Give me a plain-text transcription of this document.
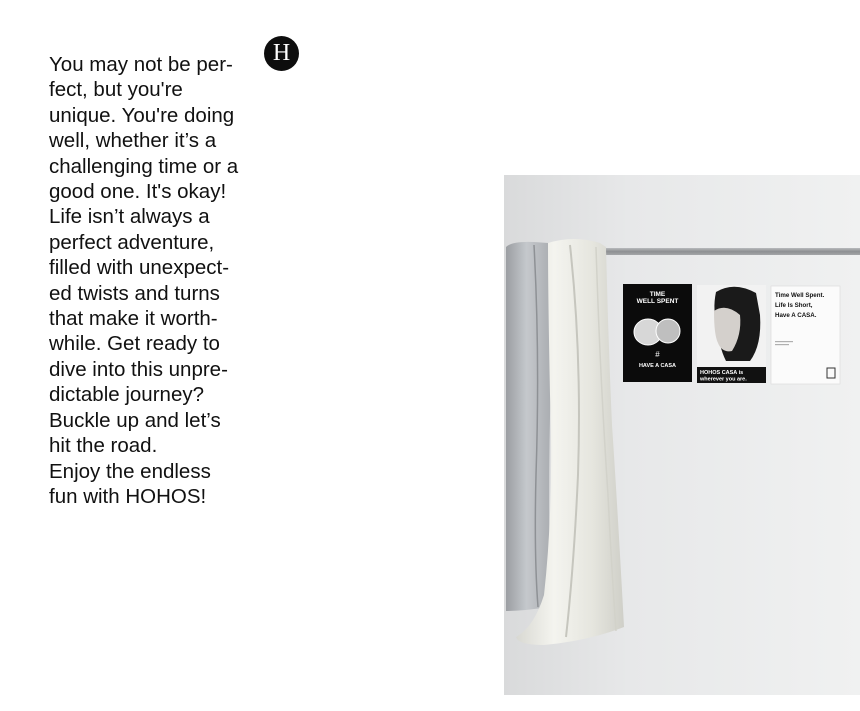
You may not be per-
fect, but you're
unique. You're doing
well, whether it’s a
challenging time or a
good one. It's okay!
Life isn’t always a
perfect adventure,
filled with unexpect-
ed twists and turns
that make it worth-
while. Get ready to
dive into this unpre-
dictable journey?
Buckle up and let’s
hit the road.
Enjoy the endless
fun with HOHOS!

H
TIME
WELL SPENT
#
HAVE A CASA
HOHOS CASA is
wherever you are.
Time Well Spent.
Life Is Short,
Have A CASA.
